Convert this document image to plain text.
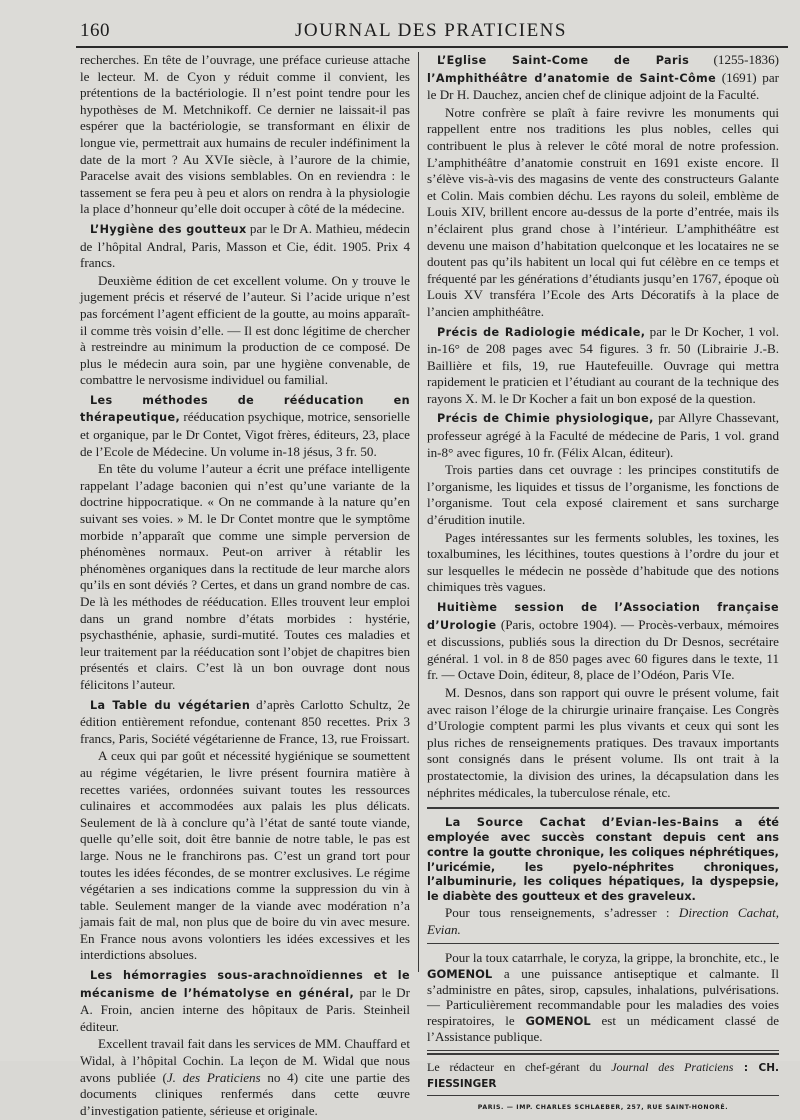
160	JOURNAL DES PRATICIENS

recherches. En tête de l’ouvrage, une préface curieuse attache le lecteur. M. de Cyon y réduit comme il convient, les prétentions de la bactériologie. Il n’est point tendre pour les hypothèses de M. Metchnikoff. Ce dernier ne laissait-il pas espérer que la bactériologie, se transformant en élixir de longue vie, permettrait aux humains de reculer indéfiniment la date de la mort ? Au XVIe siècle, à l’aurore de la chimie, Paracelse avait des visions semblables. On en reviendra : le tassement se fera peu à peu et alors on rendra à la physiologie la place d’honneur qu’elle doit occuper à côté de la médecine.

L’Hygiène des goutteux par le Dr A. Mathieu, médecin de l’hôpital Andral, Paris, Masson et Cie, édit. 1905. Prix 4 francs.

Deuxième édition de cet excellent volume. On y trouve le jugement précis et réservé de l’auteur. Si l’acide urique n’est pas forcément l’agent efficient de la goutte, au moins apparaît-il comme très voisin d’elle. — Il est donc légitime de chercher à restreindre au minimum la production de ce composé. De plus le médecin aura soin, par une hygiène convenable, de combattre le nervosisme individuel ou familial.

Les méthodes de rééducation en thérapeutique, rééducation psychique, motrice, sensorielle et organique, par le Dr Contet, Vigot frères, éditeurs, 23, place de l’Ecole de Médecine. Un volume in-18 jésus, 3 fr. 50.

En tête du volume l’auteur a écrit une préface intelligente rappelant l’adage baconien qui n’est qu’une variante de la doctrine hippocratique. « On ne commande à la nature qu’en suivant ses voies. » M. le Dr Contet montre que le symptôme morbide n’apparaît que comme une simple perversion de phénomènes normaux. Peut-on arriver à rétablir les phénomènes organiques dans la rectitude de leur marche alors qu’ils en sont déviés ? Certes, et dans un grand nombre de cas. De là les méthodes de rééducation. Elles trouvent leur emploi dans un grand nombre d’états morbides : hystérie, psychasthénie, aphasie, surdi-mutité. Toutes ces maladies et leur traitement par la rééducation sont l’objet de chapitres bien présentés et clairs. C’est là un bon ouvrage dont nous félicitons l’auteur.

La Table du végétarien d’après Carlotto Schultz, 2e édition entièrement refondue, contenant 850 recettes. Prix 3 francs, Paris, Société végétarienne de France, 13, rue Froissart.

A ceux qui par goût et nécessité hygiénique se soumettent au régime végétarien, le livre présent fournira matière à recettes variées, ordonnées suivant toutes les ressources culinaires et accommodées aux palais les plus délicats. Seulement de là à conclure qu’à l’état de santé toute viande, quelle qu’elle soit, doit être bannie de notre table, le pas est large. Nous ne le franchirons pas. C’est un grand tort pour toutes les idées fécondes, de se montrer exclusives. Le régime végétarien a ses indications comme la suppression du vin à table. Seulement manger de la viande avec modération n’a jamais fait de mal, non plus que de boire du vin avec mesure. En France nous avons volontiers les idées excessives et les interdictions absolues.

Les hémorragies sous-arachnoïdiennes et le mécanisme de l’hématolyse en général, par le Dr A. Froin, ancien interne des hôpitaux de Paris. Steinheil éditeur.

Excellent travail fait dans les services de MM. Chauffard et Widal, à l’hôpital Cochin. La leçon de M. Widal que nous avons publiée (J. des Praticiens no 4) cite une partie des documents cliniques renfermés dans cette œuvre d’investigation patiente, sérieuse et originale.

L’Eglise Saint-Come de Paris (1255-1836) l’Amphithéâtre d’anatomie de Saint-Côme (1691) par le Dr H. Dauchez, ancien chef de clinique adjoint de la Faculté.

Notre confrère se plaît à faire revivre les monuments qui rappellent entre nos traditions les plus nobles, celles qui contribuent le plus à relever le côté moral de notre profession. L’amphithéâtre d’anatomie construit en 1691 existe encore. Il s’élève vis-à-vis des magasins de vente des constructeurs Galante et Colin. Mais combien déchu. Les rayons du soleil, emblème de Louis XIV, brillent encore au-dessus de la porte d’entrée, mais ils n’éclairent plus grand chose à l’intérieur. L’amphithéâtre est devenu une maison d’habitation quelconque et les locataires ne se doutent pas qu’ils habitent un local qui fut célèbre en ce temps et fréquenté par les générations d’étudiants jusqu’en 1767, époque où Louis XV transféra l’Ecole des Arts Décoratifs à la place de l’ancien amphithéâtre.

Précis de Radiologie médicale, par le Dr Kocher, 1 vol. in-16° de 208 pages avec 54 figures. 3 fr. 50 (Librairie J.-B. Baillière et fils, 19, rue Hautefeuille. Ouvrage qui mettra rapidement le praticien et l’étudiant au courant de la technique des rayons X. M. le Dr Kocher a fait un bon exposé de la question.

Précis de Chimie physiologique, par Allyre Chassevant, professeur agrégé à la Faculté de médecine de Paris, 1 vol. grand in-8° avec figures, 10 fr. (Félix Alcan, éditeur).

Trois parties dans cet ouvrage : les principes constitutifs de l’organisme, les liquides et tissus de l’organisme, les fonctions de l’organisme. Tout cela exposé clairement et sans surcharge d’érudition inutile.

Pages intéressantes sur les ferments solubles, les toxines, les toxalbumines, les lécithines, toutes questions à l’ordre du jour et sur lesquelles le médecin ne possède d’habitude que des notions chimiques très vagues.

Huitième session de l’Association française d’Urologie (Paris, octobre 1904). — Procès-verbaux, mémoires et discussions, publiés sous la direction du Dr Desnos, secrétaire général. 1 vol. in 8 de 850 pages avec 60 figures dans le texte, 11 fr. — Octave Doin, éditeur, 8, place de l’Odéon, Paris VIe.

M. Desnos, dans son rapport qui ouvre le présent volume, fait avec raison l’éloge de la chirurgie urinaire française. Les Congrès d’Urologie comptent parmi les plus vivants et ceux qui sont les plus riches de renseignements pratiques. Des travaux importants sont consignés dans le présent volume. Ils ont trait à la prostatectomie, la division des urines, la décapsulation dans les néphrites médicales, la tuberculose rénale, etc.

La Source Cachat d’Evian-les-Bains a été employée avec succès constant depuis cent ans contre la goutte chronique, les coliques néphrétiques, l’uricémie, les pyelo-néphrites chroniques, l’albuminurie, les coliques hépatiques, la dyspepsie, le diabète des goutteux et des graveleux.

Pour tous renseignements, s’adresser : Direction Cachat, Evian.

Pour la toux catarrhale, le coryza, la grippe, la bronchite, etc., le GOMENOL a une puissance antiseptique et calmante. Il s’administre en pâtes, sirop, capsules, inhalations, pulvérisations. — Particulièrement recommandable pour les maladies des voies respiratoires, le GOMENOL est un médicament classé de l’Assistance publique.

Le rédacteur en chef-gérant du Journal des Praticiens : CH. FIESSINGER

PARIS. — IMP. CHARLES SCHLAEBER, 257, RUE SAINT-HONORÉ.
